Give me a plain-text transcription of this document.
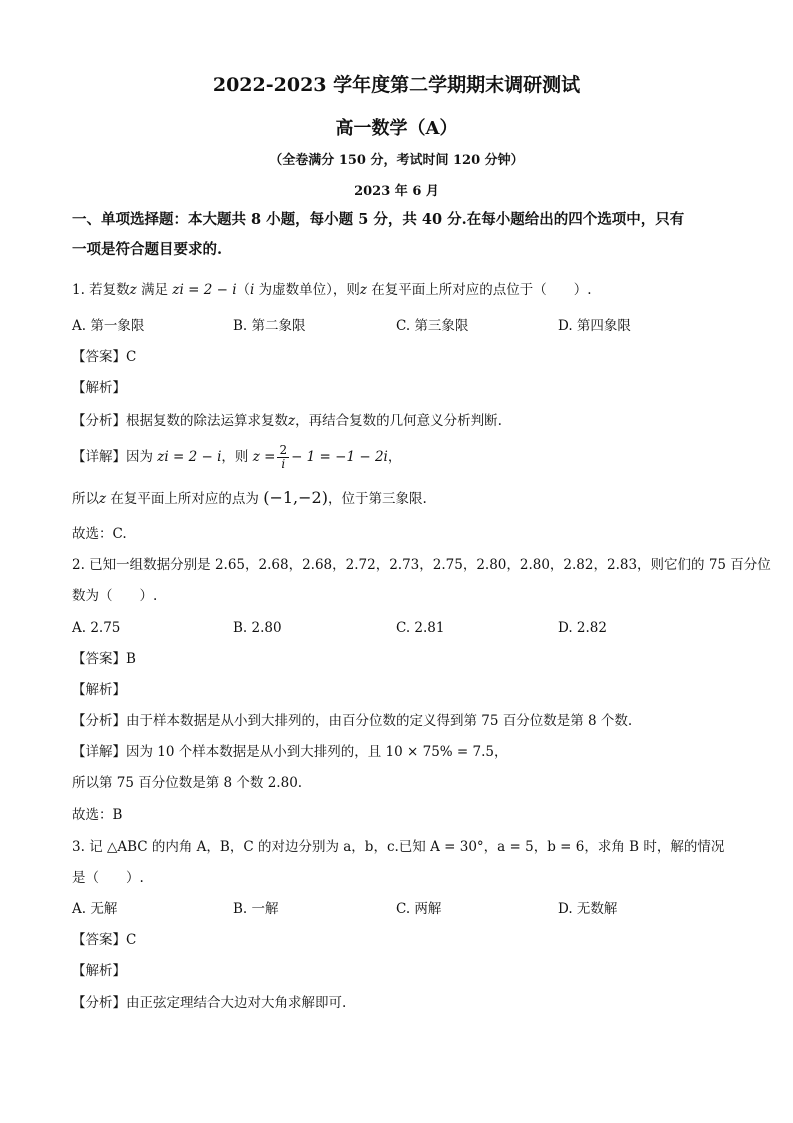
2022-2023 学年度第二学期期末调研测试
高一数学（A）
（全卷满分 150 分，考试时间 120 分钟）
2023 年 6 月
一、单项选择题：本大题共 8 小题，每小题 5 分，共 40 分.在每小题给出的四个选项中，只有
一项是符合题目要求的.
1. 若复数z 满足 zi = 2 − i（i 为虚数单位），则z 在复平面上所对应的点位于（　　）.
A. 第一象限	B. 第二象限	C. 第三象限	D. 第四象限
【答案】C
【解析】
【分析】根据复数的除法运算求复数z，再结合复数的几何意义分析判断.
【详解】因为 zi = 2 − i，则 $z = \frac{2}{i} - 1 = -1 - 2i$，
所以z 在复平面上所对应的点为 (−1,−2)，位于第三象限.
故选：C.
2. 已知一组数据分别是 2.65，2.68，2.68，2.72，2.73，2.75，2.80，2.80，2.82，2.83，则它们的 75 百分位
数为（　　）.
A. 2.75	B. 2.80	C. 2.81	D. 2.82
【答案】B
【解析】
【分析】由于样本数据是从小到大排列的，由百分位数的定义得到第 75 百分位数是第 8 个数.
【详解】因为 10 个样本数据是从小到大排列的，且 10 × 75% = 7.5，
所以第 75 百分位数是第 8 个数 2.80.
故选：B
3. 记 △ABC 的内角 A，B，C 的对边分别为 a，b，c.已知 A = 30°，a = 5，b = 6，求角 B 时，解的情况
是（　　）.
A. 无解	B. 一解	C. 两解	D. 无数解
【答案】C
【解析】
【分析】由正弦定理结合大边对大角求解即可.
